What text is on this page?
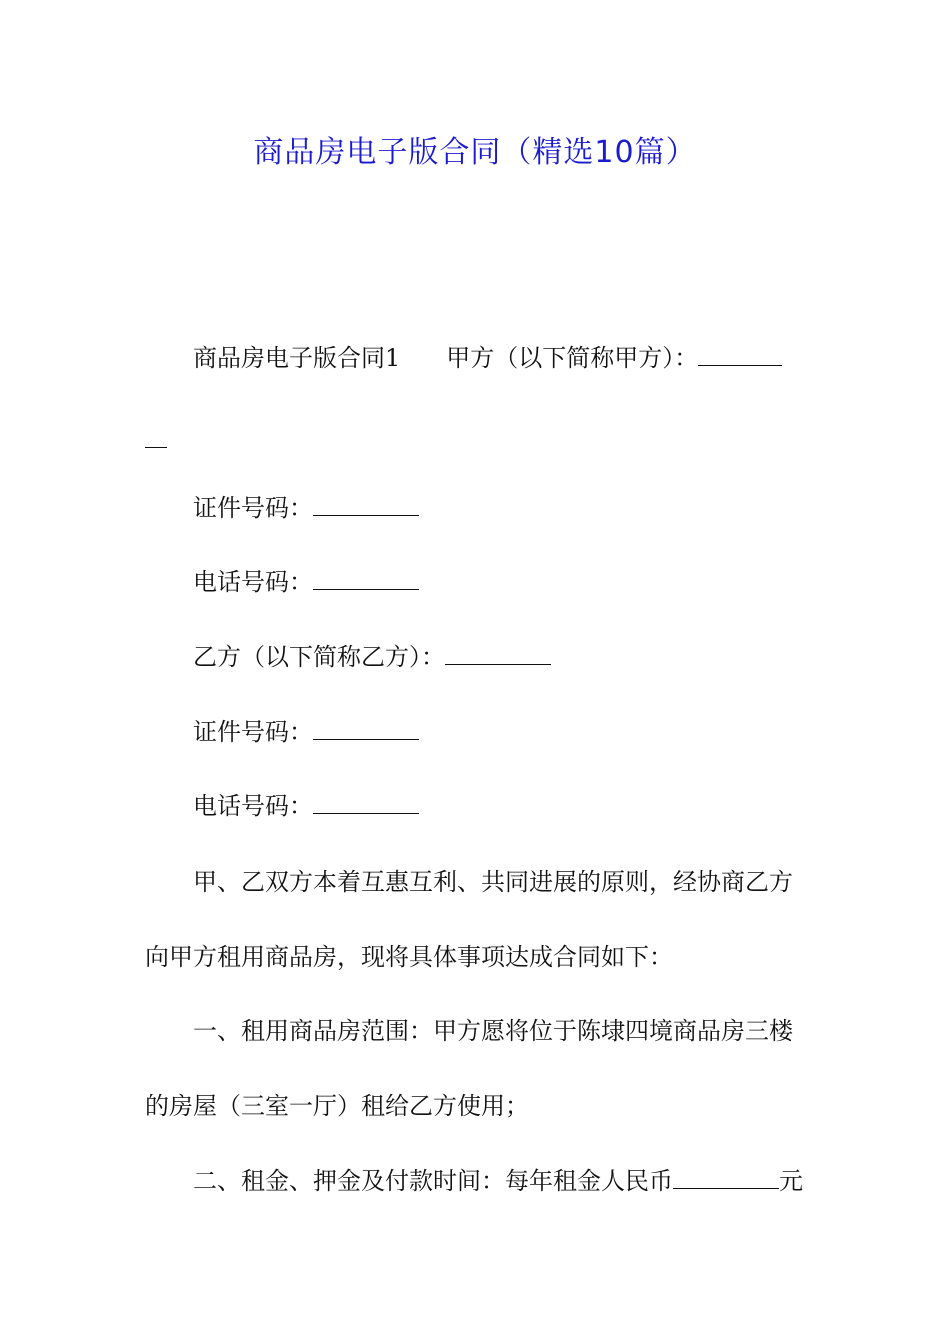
商品房电子版合同（精选10篇）
商品房电子版合同1 甲方（以下简称甲方）：
证件号码：
电话号码：
乙方（以下简称乙方）：
证件号码：
电话号码：
甲、乙双方本着互惠互利、共同进展的原则，经协商乙方
向甲方租用商品房，现将具体事项达成合同如下：
一、租用商品房范围：甲方愿将位于陈埭四境商品房三楼
的房屋（三室一厅）租给乙方使用；
二、租金、押金及付款时间：每年租金人民币	元
